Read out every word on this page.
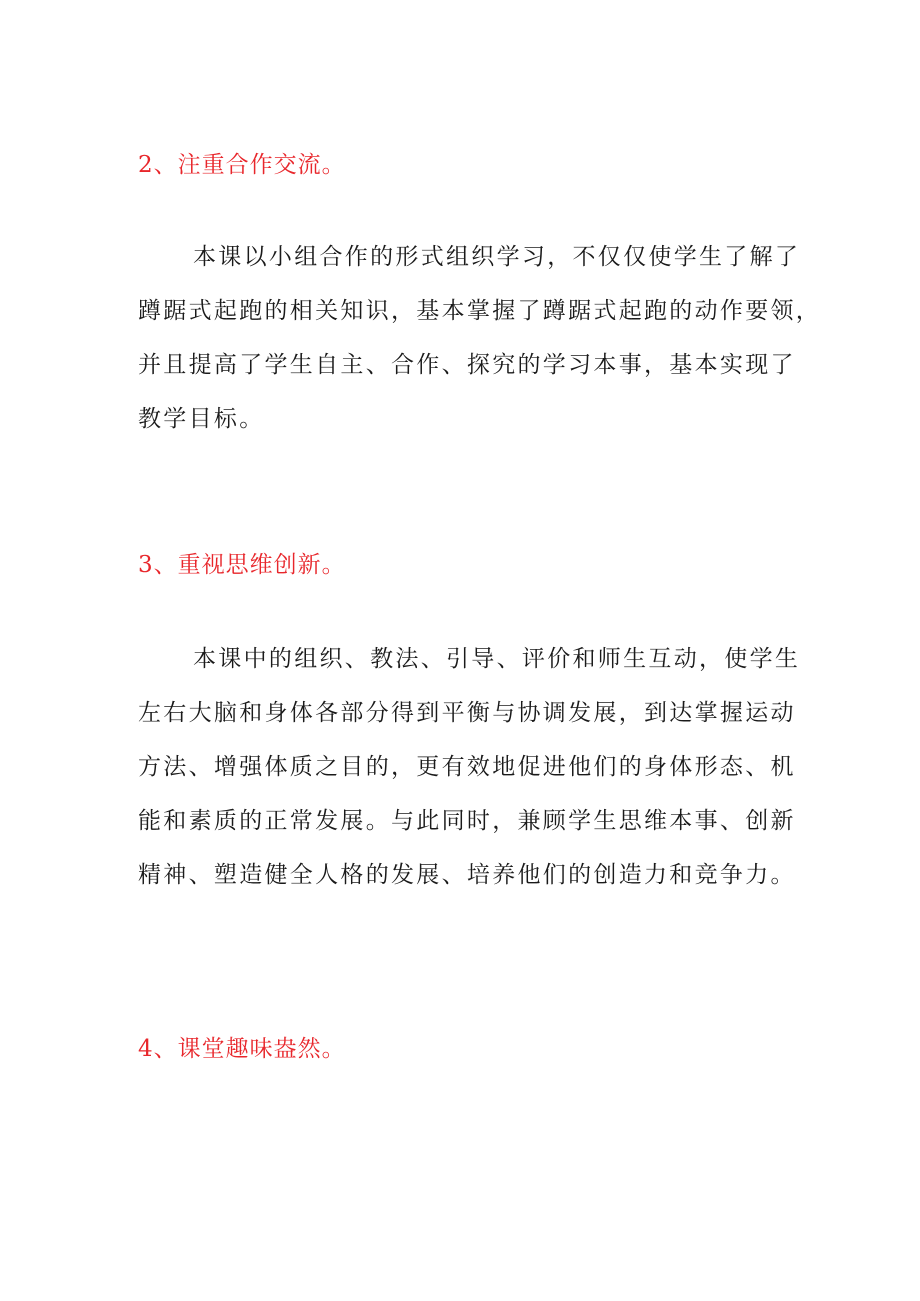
2、注重合作交流。
本课以小组合作的形式组织学习，不仅仅使学生了解了
蹲踞式起跑的相关知识，基本掌握了蹲踞式起跑的动作要领，
并且提高了学生自主、合作、探究的学习本事，基本实现了
教学目标。
3、重视思维创新。
本课中的组织、教法、引导、评价和师生互动，使学生
左右大脑和身体各部分得到平衡与协调发展，到达掌握运动
方法、增强体质之目的，更有效地促进他们的身体形态、机
能和素质的正常发展。与此同时，兼顾学生思维本事、创新
精神、塑造健全人格的发展、培养他们的创造力和竞争力。
4、课堂趣味盎然。
